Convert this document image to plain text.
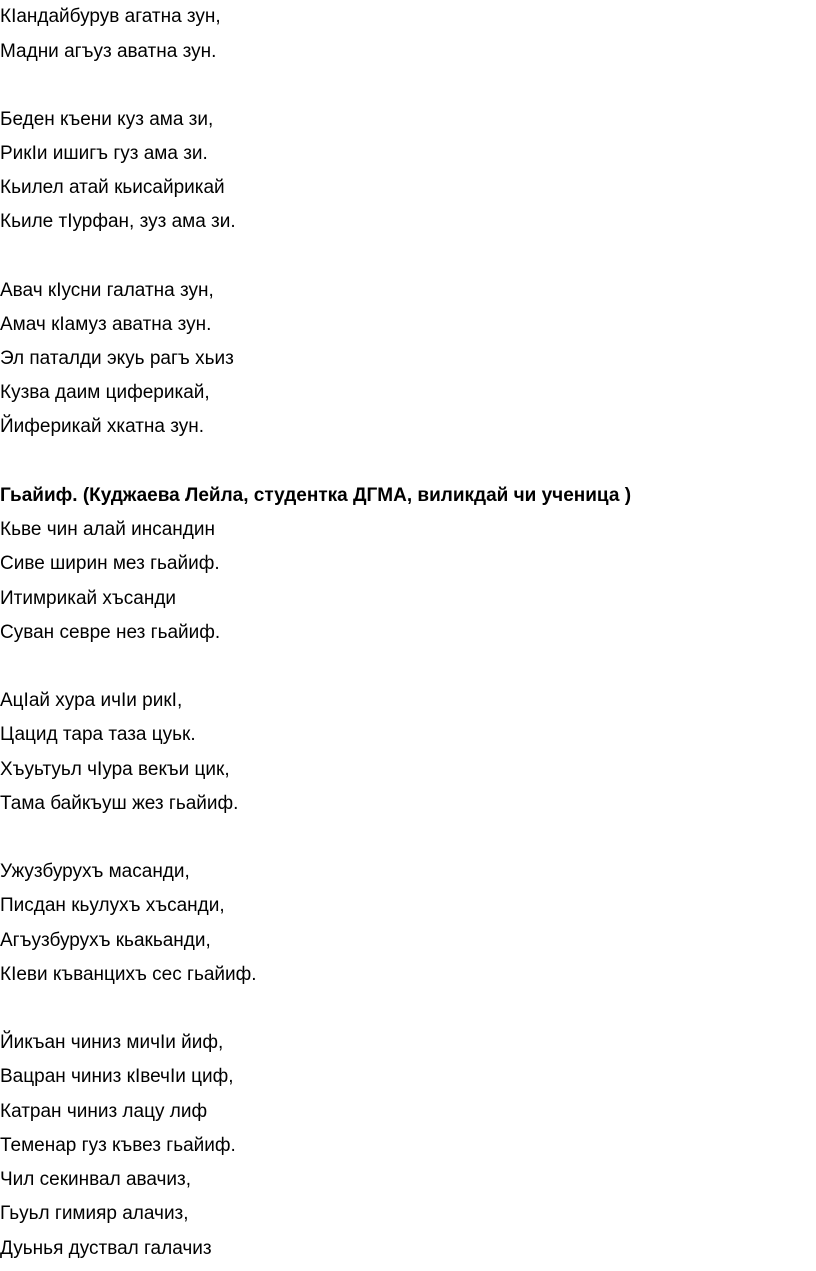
КIандайбурув агатна зун,

Мадни агъуз аватна зун.

Беден къени куз ама зи,

РикIи ишигъ гуз ама зи.

Кьилел атай кьисайрикай

Кьиле тIурфан, зуз ама зи.

Авач кIусни галатна зун,

Амач кIамуз аватна зун.

Эл паталди экуь рагъ хьиз

Кузва даим циферикай,

Йиферикай хкатна зун.

Гьайиф. (Куджаева Лейла, студентка ДГМА, виликдай чи ученица )

Кьве чин алай инсандин

Сиве ширин мез гьайиф.

Итимрикай хъсанди

Суван севре нез гьайиф.

АцIай хура ичIи рикI,

Цацид тара таза цуьк.

Хъуьтуьл чIура векъи цик,

Тама байкъуш жез гьайиф.

Ужузбурухъ масанди,

Писдан кьулухъ хъсанди,

Агъузбурухъ кьакьанди,

КIеви къванцихъ сес гьайиф.

Йикъан чиниз мичIи йиф,

Вацран чиниз кIвечIи циф,

Катран чиниз лацу лиф

Теменар гуз къвез гьайиф.

Чил секинвал авачиз,

Гьуьл гимияр алачиз,

Дуьнья дуствал галачиз
